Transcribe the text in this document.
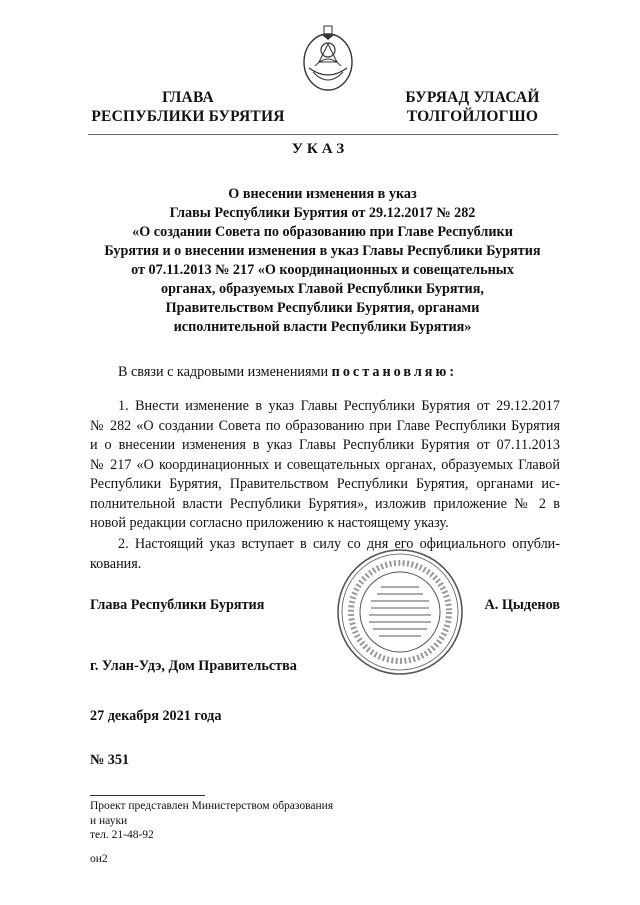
ГЛАВА
РЕСПУБЛИКИ БУРЯТИЯ
БУРЯАД УЛАСАЙ
ТОЛГОЙЛОГШО
УКАЗ
О внесении изменения в указ
Главы Республики Бурятия от 29.12.2017 № 282
«О создании Совета по образованию при Главе Республики
Бурятия и о внесении изменения в указ Главы Республики Бурятия
от 07.11.2013 № 217 «О координационных и совещательных
органах, образуемых Главой Республики Бурятия,
Правительством Республики Бурятия, органами
исполнительной власти Республики Бурятия»
В связи с кадровыми изменениями постановляю:
1. Внести изменение в указ Главы Республики Бурятия от 29.12.2017
№ 282 «О создании Совета по образованию при Главе Республики Бурятия
и о внесении изменения в указ Главы Республики Бурятия от 07.11.2013
№ 217 «О координационных и совещательных органах, образуемых Главой
Республики Бурятия, Правительством Республики Бурятия, органами ис-
полнительной власти Республики Бурятия», изложив приложение № 2 в
новой редакции согласно приложению к настоящему указу.
2. Настоящий указ вступает в силу со дня его официального опубли-
кования.
Глава Республики Бурятия	А. Цыденов
г. Улан-Удэ, Дом Правительства
27 декабря 2021 года
№ 351
Проект представлен Министерством образования
и науки
тел. 21-48-92
ои2
